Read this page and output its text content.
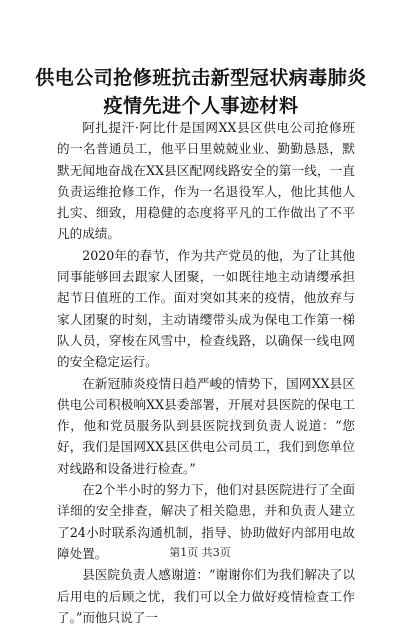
供电公司抢修班抗击新型冠状病毒肺炎疫情先进个人事迹材料

阿扎提汗·阿比什是国网XX县区供电公司抢修班的一名普通员工，他平日里兢兢业业、勤勤恳恳，默默无闻地奋战在XX县区配网线路安全的第一线，一直负责运维抢修工作，作为一名退役军人，他比其他人扎实、细致，用稳健的态度将平凡的工作做出了不平凡的成绩。

2020年的春节，作为共产党员的他，为了让其他同事能够回去跟家人团聚，一如既往地主动请缨承担起节日值班的工作。面对突如其来的疫情，他放弃与家人团聚的时刻，主动请缨带头成为保电工作第一梯队人员，穿梭在风雪中，检查线路，以确保一线电网的安全稳定运行。

在新冠肺炎疫情日趋严峻的情势下，国网XX县区供电公司积极响XX县委部署，开展对县医院的保电工作，他和党员服务队到县医院找到负责人说道：“您好，我们是国网XX县区供电公司员工，我们到您单位对线路和设备进行检查。”

在2个半小时的努力下，他们对县医院进行了全面详细的安全排查，解决了相关隐患，并和负责人建立了24小时联系沟通机制，指导、协助做好内部用电故障处置。

县医院负责人感谢道：“谢谢你们为我们解决了以后用电的后顾之忧，我们可以全力做好疫情检查工作了。”而他只说了一

第1页 共3页
